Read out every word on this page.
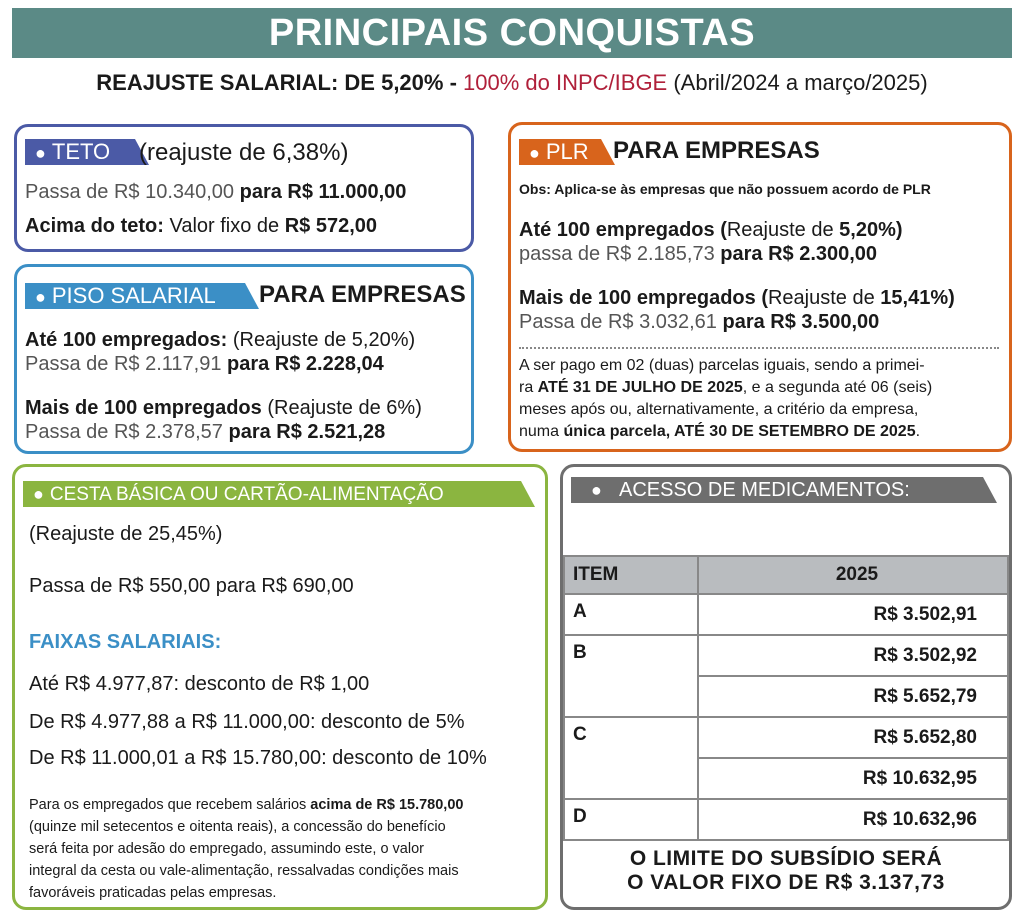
PRINCIPAIS CONQUISTAS
REAJUSTE SALARIAL: DE 5,20% - 100% do INPC/IBGE (Abril/2024 a março/2025)
● TETO	(reajuste de 6,38%)
Passa de R$ 10.340,00 para R$ 11.000,00
Acima do teto: Valor fixo de R$ 572,00
● PISO SALARIAL	PARA EMPRESAS
Até 100 empregados: (Reajuste de 5,20%)
Passa de R$ 2.117,91 para R$ 2.228,04
Mais de 100 empregados (Reajuste de 6%)
Passa de R$ 2.378,57 para R$ 2.521,28
● PLR	PARA EMPRESAS
Obs: Aplica-se às empresas que não possuem acordo de PLR
Até 100 empregados (Reajuste de 5,20%)
passa de R$ 2.185,73 para R$ 2.300,00
Mais de 100 empregados (Reajuste de 15,41%)
Passa de R$ 3.032,61 para R$ 3.500,00
A ser pago em 02 (duas) parcelas iguais, sendo a primei-
ra ATÉ 31 DE JULHO DE 2025, e a segunda até 06 (seis)
meses após ou, alternativamente, a critério da empresa,
numa única parcela, ATÉ 30 DE SETEMBRO DE 2025.
● CESTA BÁSICA OU CARTÃO-ALIMENTAÇÃO
(Reajuste de 25,45%)
Passa de R$ 550,00 para R$ 690,00
FAIXAS SALARIAIS:
Até R$ 4.977,87: desconto de R$ 1,00
De R$ 4.977,88 a R$ 11.000,00: desconto de 5%
De R$ 11.000,01 a R$ 15.780,00: desconto de 10%
Para os empregados que recebem salários acima de R$ 15.780,00
(quinze mil setecentos e oitenta reais), a concessão do benefício
será feita por adesão do empregado, assumindo este, o valor
integral da cesta ou vale-alimentação, ressalvadas condições mais
favoráveis praticadas pelas empresas.
● ACESSO DE MEDICAMENTOS:
ITEM	2025
A	R$ 3.502,91
B	R$ 3.502,92
	R$ 5.652,79
C	R$ 5.652,80
	R$ 10.632,95
D	R$ 10.632,96
O LIMITE DO SUBSÍDIO SERÁ
O VALOR FIXO DE R$ 3.137,73
